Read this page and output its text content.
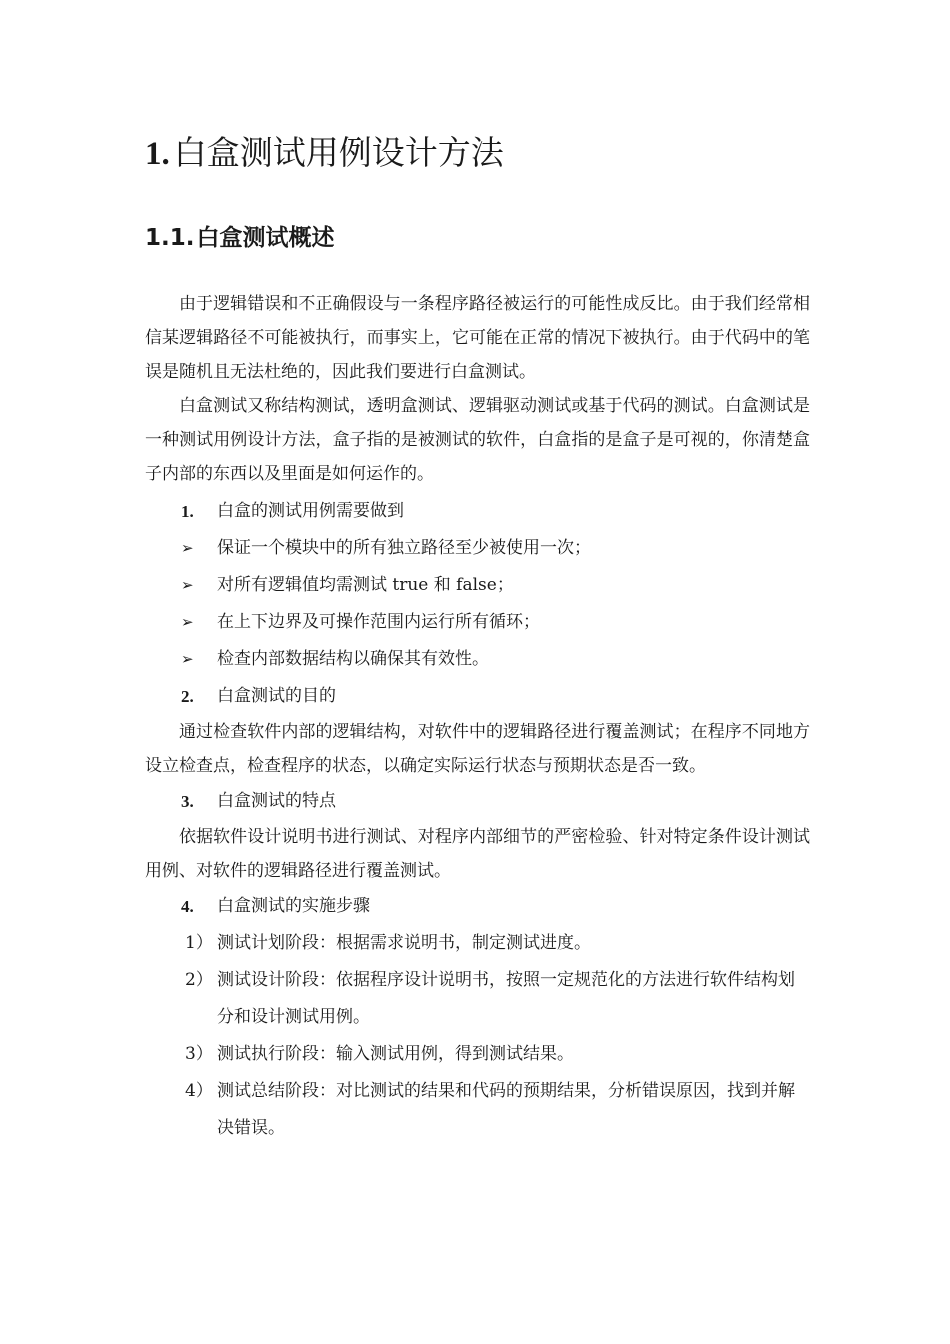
1. 白盒测试用例设计方法
1.1.白盒测试概述

由于逻辑错误和不正确假设与一条程序路径被运行的可能性成反比。由于我们经常相信某逻辑路径不可能被执行，而事实上，它可能在正常的情况下被执行。由于代码中的笔误是随机且无法杜绝的，因此我们要进行白盒测试。

白盒测试又称结构测试，透明盒测试、逻辑驱动测试或基于代码的测试。白盒测试是一种测试用例设计方法，盒子指的是被测试的软件，白盒指的是盒子是可视的，你清楚盒子内部的东西以及里面是如何运作的。

1. 白盒的测试用例需要做到

➢ 保证一个模块中的所有独立路径至少被使用一次；

➢ 对所有逻辑值均需测试 true 和 false；

➢ 在上下边界及可操作范围内运行所有循环；

➢ 检查内部数据结构以确保其有效性。

2. 白盒测试的目的

通过检查软件内部的逻辑结构，对软件中的逻辑路径进行覆盖测试；在程序不同地方设立检查点，检查程序的状态，以确定实际运行状态与预期状态是否一致。

3. 白盒测试的特点

依据软件设计说明书进行测试、对程序内部细节的严密检验、针对特定条件设计测试用例、对软件的逻辑路径进行覆盖测试。

4. 白盒测试的实施步骤

1） 测试计划阶段：根据需求说明书，制定测试进度。

2） 测试设计阶段：依据程序设计说明书，按照一定规范化的方法进行软件结构划分和设计测试用例。

3） 测试执行阶段：输入测试用例，得到测试结果。

4） 测试总结阶段：对比测试的结果和代码的预期结果，分析错误原因，找到并解决错误。
